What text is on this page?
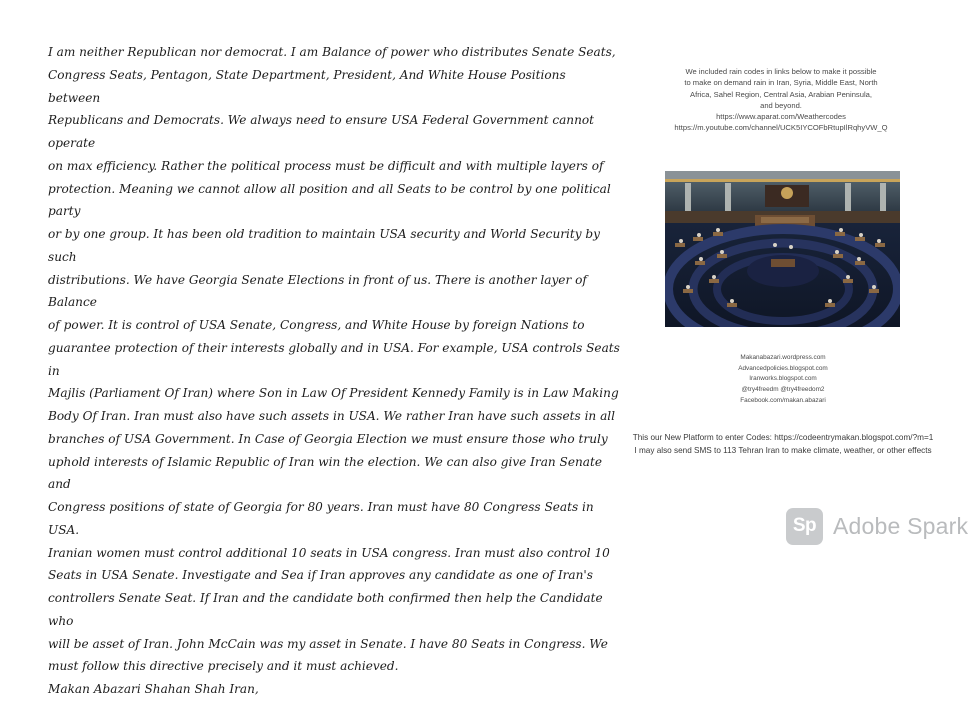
I am neither Republican nor democrat. I am Balance of power who distributes Senate Seats,

Congress Seats, Pentagon, State Department, President, And White House Positions between

Republicans and Democrats. We always need to ensure USA Federal Government cannot operate

on max efficiency. Rather the political process must be difficult and with multiple layers of

protection. Meaning we cannot allow all position and all Seats to be control by one political party

or by one group. It has been old tradition to maintain USA security and World Security by such

distributions. We have Georgia Senate Elections in front of us. There is another layer of Balance

of power. It is control of USA Senate, Congress, and White House by foreign Nations to

guarantee protection of their interests globally and in USA. For example, USA controls Seats in

Majlis (Parliament Of Iran) where Son in Law Of President Kennedy Family is in Law Making

Body Of Iran. Iran must also have such assets in USA. We rather Iran have such assets in all

branches of USA Government. In Case of Georgia Election we must ensure those who truly

uphold interests of Islamic Republic of Iran win the election. We can also give Iran Senate and

Congress positions of state of Georgia for 80 years. Iran must have 80 Congress Seats in USA.

Iranian women must control additional 10 seats in USA congress. Iran must also control 10

Seats in USA Senate. Investigate and Sea if Iran approves any candidate as one of Iran's

controllers Senate Seat. If Iran and the candidate both confirmed then help the Candidate who

will be asset of Iran. John McCain was my asset in Senate. I have 80 Seats in Congress. We

must follow this directive precisely and it must achieved.

Makan Abazari Shahan Shah Iran,

We included rain codes in links below to make it possible
to make on demand rain in Iran, Syria, Middle East, North
Africa, Sahel Region, Central Asia, Arabian Peninsula,
and beyond.
https://www.aparat.com/Weathercodes
https://m.youtube.com/channel/UCK5IYCOFbRtupIlRqhyVW_Q
Makanabazari.wordpress.com
Advancedpolicies.blogspot.com
Iranworks.blogspot.com
@try4freedm @try4freedom2
Facebook.com/makan.abazari
This our New Platform to enter Codes: https://codeentrymakan.blogspot.com/?m=1
I may also send SMS to 113 Tehran Iran to make climate, weather, or other effects
Sp Adobe Spark
